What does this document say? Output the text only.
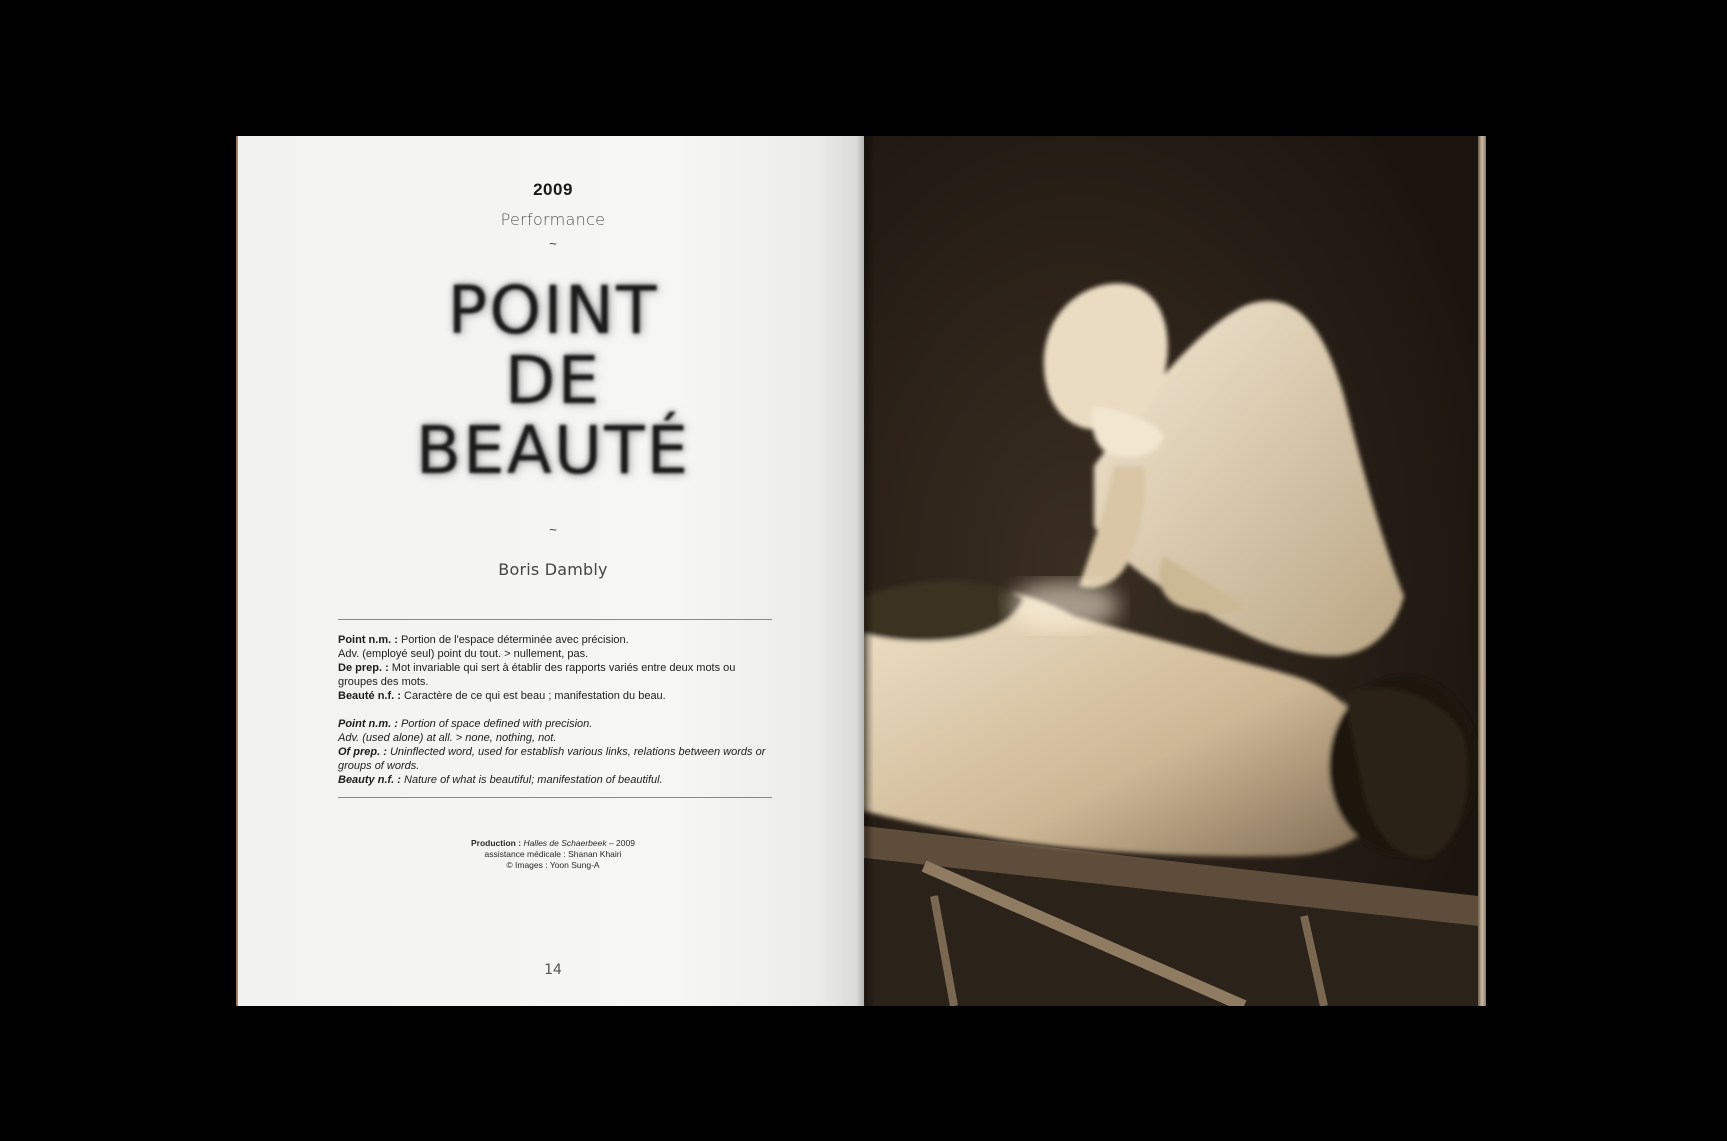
2009
Performance
~
POINT
DE
BEAUTÉ
~
Boris Dambly

Point n.m. : Portion de l'espace déterminée avec précision.

Adv. (employé seul) point du tout. > nullement, pas.

De prep. : Mot invariable qui sert à établir des rapports variés entre deux mots ou groupes des mots.

Beauté n.f. : Caractère de ce qui est beau ; manifestation du beau.

Point n.m. : Portion of space defined with precision.

Adv. (used alone) at all. > none, nothing, not.

Of prep. : Uninflected word, used for establish various links, relations between words or groups of words.

Beauty n.f. : Nature of what is beautiful; manifestation of beautiful.

Production : Halles de Schaerbeek – 2009

assistance médicale : Shanan Khairi

© Images : Yoon Sung-A

14
